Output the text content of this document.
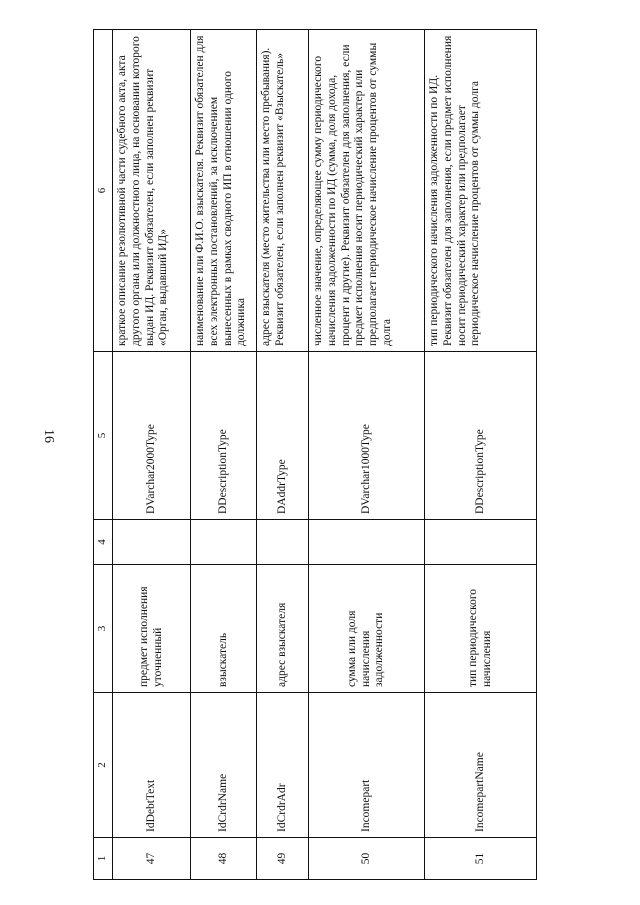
16
1	2	3	4	5	6
47	IdDebtText	предмет исполнения уточненный		DVarchar2000Type	краткое описание резолютивной части судебного акта, акта другого органа или должностного лица, на основании которого выдан ИД. Реквизит обязателен, если заполнен реквизит «Орган, выдавший ИД»
48	IdCrdrName	взыскатель		DDescriptionType	наименование или Ф.И.О. взыскателя. Реквизит обязателен для всех электронных постановлений, за исключением вынесенных в рамках сводного ИП в отношении одного должника
49	IdCrdrAdr	адрес взыскателя		DAddrType	адрес взыскателя (место жительства или место пребывания). Реквизит обязателен, если заполнен реквизит «Взыскатель»
50	Incomepart	сумма или доля начисления задолженности		DVarchar1000Type	численное значение, определяющее сумму периодического начисления задолженности по ИД (сумма, доля дохода, процент и другие). Реквизит обязателен для заполнения, если предмет исполнения носит периодический характер или предполагает периодическое начисление процентов от суммы долга
51	IncomepartName	тип периодического начисления		DDescriptionType	тип периодического начисления задолженности по ИД. Реквизит обязателен для заполнения, если предмет исполнения носит периодический характер или предполагает периодическое начисление процентов от суммы долга
